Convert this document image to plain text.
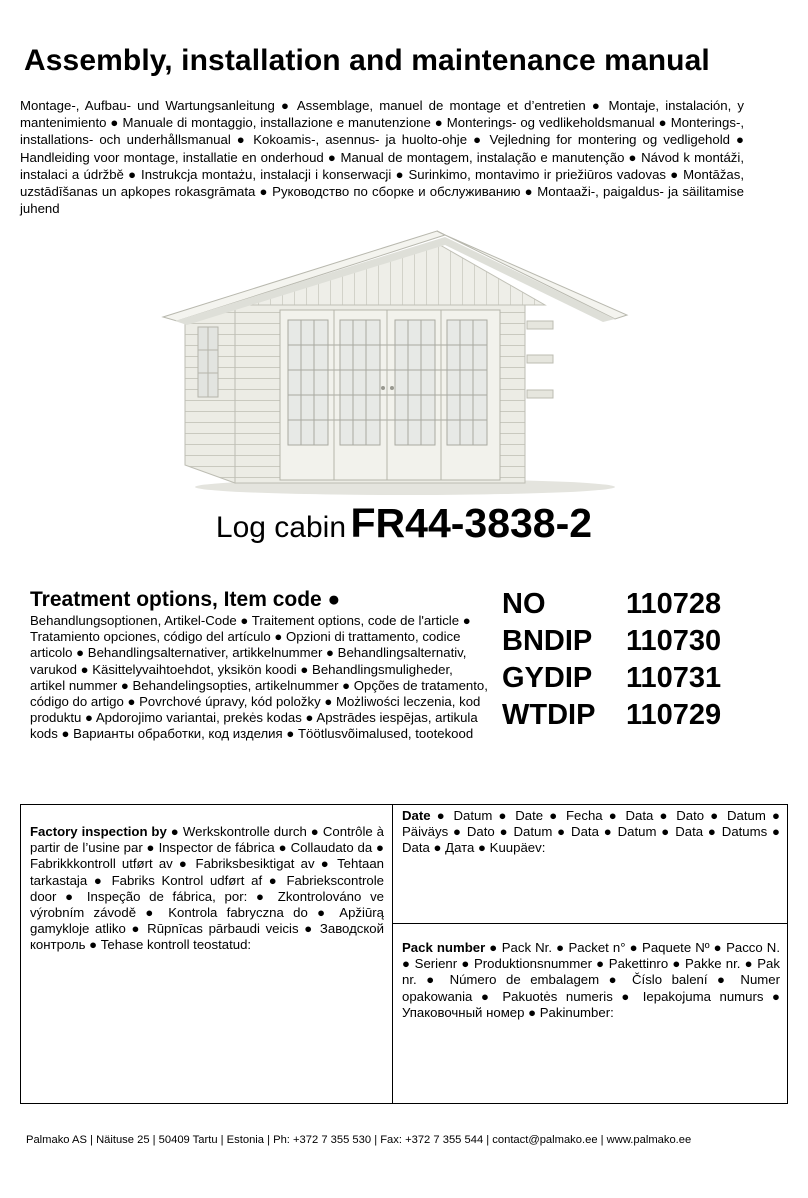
Assembly, installation and maintenance manual
Montage-, Aufbau- und Wartungsanleitung ● Assemblage, manuel de montage et d’entretien ● Montaje, instalación, y mantenimiento ● Manuale di montaggio, installazione e manutenzione ● Monterings- og vedlikeholdsmanual ● Monterings-, installations- och underhållsmanual ● Kokoamis-, asennus- ja huolto-ohje ● Vejledning for montering og vedligehold ● Handleiding voor montage, installatie en onderhoud ● Manual de montagem, instalação e manutenção ● Návod k montáži, instalaci a údržbě ● Instrukcja montażu, instalacji i konserwacji ● Surinkimo, montavimo ir priežiūros vadovas ● Montāžas, uzstādīšanas un apkopes rokasgrāmata ● Руководство по сборке и обслуживанию ● Montaaži-, paigaldus- ja säilitamise juhend
Log cabin FR44-3838-2
Treatment options, Item code ●
Behandlungsoptionen, Artikel-Code ● Traitement options, code de l'article ● Tratamiento opciones, código del artículo ● Opzioni di trattamento, codice articolo ● Behandlingsalternativer, artikkelnummer ● Behandlingsalternativ, varukod ● Käsittelyvaihtoehdot, yksikön koodi ● Behandlingsmuligheder, artikel nummer ● Behandelingsopties, artikelnummer ● Opções de tratamento, código do artigo ● Povrchové úpravy, kód položky ● Możliwości leczenia, kod produktu ● Apdorojimo variantai, prekės kodas ● Apstrādes iespējas, artikula kods ● Варианты обработки, код изделия ● Töötlusvõimalused, tootekood
NO	110728
BNDIP	110730
GYDIP	110731
WTDIP	110729
Factory inspection by ● Werkskontrolle durch ● Contrôle à partir de l’usine par ● Inspector de fábrica ● Collaudato da ● Fabrikkkontroll utført av ● Fabriksbesiktigat av ● Tehtaan tarkastaja ● Fabriks Kontrol udført af ● Fabriekscontrole door ● Inspeção de fábrica, por: ● Zkontrolováno ve výrobním závodě ● Kontrola fabryczna do ● Apžiūrą gamykloje atliko ● Rūpnīcas pārbaudi veicis ● Заводской контроль ● Tehase kontroll teostatud:
Date ● Datum ● Date ● Fecha ● Data ● Dato ● Datum ● Päiväys ● Dato ● Datum ● Data ● Datum ● Data ● Datums ● Data ● Дата ● Kuupäev:
Pack number ● Pack Nr. ● Packet n° ● Paquete Nº ● Pacco N. ● Serienr ● Produktionsnummer ● Pakettinro ● Pakke nr. ● Pak nr. ● Número de embalagem ● Číslo balení ● Numer opakowania ● Pakuotės numeris ● Iepakojuma numurs ● Упаковочный номер ● Pakinumber:
Palmako AS | Näituse 25 | 50409 Tartu | Estonia | Ph: +372 7 355 530 | Fax: +372 7 355 544 | contact@palmako.ee | www.palmako.ee
